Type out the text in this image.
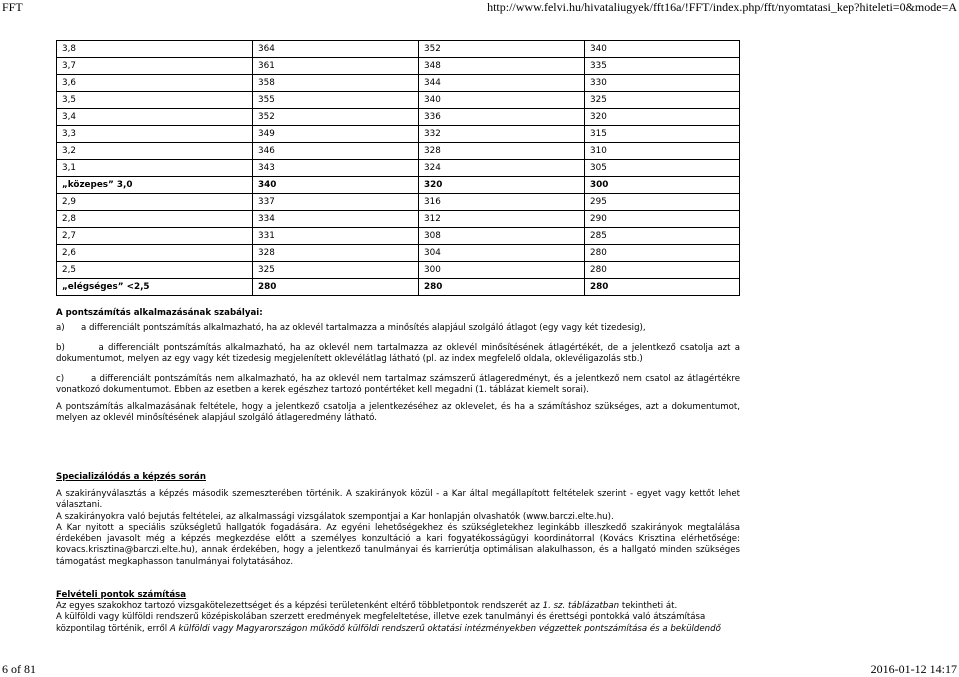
FFT	http://www.felvi.hu/hivataliugyek/fft16a/!FFT/index.php/fft/nyomtatasi_kep?hiteleti=0&mode=A
3,8	364	352	340
3,7	361	348	335
3,6	358	344	330
3,5	355	340	325
3,4	352	336	320
3,3	349	332	315
3,2	346	328	310
3,1	343	324	305
„közepes” 3,0	340	320	300
2,9	337	316	295
2,8	334	312	290
2,7	331	308	285
2,6	328	304	280
2,5	325	300	280
„elégséges” <2,5	280	280	280
A pontszámítás alkalmazásának szabályai:
a) a differenciált pontszámítás alkalmazható, ha az oklevél tartalmazza a minősítés alapjául szolgáló átlagot (egy vagy két tizedesig),
b)	a differenciált pontszámítás alkalmazható, ha az oklevél nem tartalmazza az oklevél minősítésének átlagértékét, de a jelentkező csatolja azt a dokumentumot, melyen az egy vagy két tizedesig megjelenített oklevélátlag látható (pl. az index megfelelő oldala, oklevéligazolás stb.)
c)	a differenciált pontszámítás nem alkalmazható, ha az oklevél nem tartalmaz számszerű átlageredményt, és a jelentkező nem csatol az átlagértékre vonatkozó dokumentumot. Ebben az esetben a kerek egészhez tartozó pontértéket kell megadni (1. táblázat kiemelt sorai).
A pontszámítás alkalmazásának feltétele, hogy a jelentkező csatolja a jelentkezéséhez az oklevelet, és ha a számításhoz szükséges, azt a dokumentumot, melyen az oklevél minősítésének alapjául szolgáló átlageredmény látható.
Specializálódás a képzés során
A szakirányválasztás a képzés második szemeszterében történik. A szakirányok közül - a Kar által megállapított feltételek szerint - egyet vagy kettőt lehet választani.
A szakirányokra való bejutás feltételei, az alkalmassági vizsgálatok szempontjai a Kar honlapján olvashatók (www.barczi.elte.hu).
A Kar nyitott a speciális szükségletű hallgatók fogadására. Az egyéni lehetőségekhez és szükségletekhez leginkább illeszkedő szakirányok megtalálása érdekében javasolt még a képzés megkezdése előtt a személyes konzultáció a kari fogyatékosságügyi koordinátorral (Kovács Krisztina elérhetősége: kovacs.krisztina@barczi.elte.hu), annak érdekében, hogy a jelentkező tanulmányai és karrierútja optimálisan alakulhasson, és a hallgató minden szükséges támogatást megkaphasson tanulmányai folytatásához.
Felvételi pontok számítása
Az egyes szakokhoz tartozó vizsgakötelezettséget és a képzési területenként eltérő többletpontok rendszerét az 1. sz. táblázatban tekintheti át.
A külföldi vagy külföldi rendszerű középiskolában szerzett eredmények megfeleltetése, illetve ezek tanulmányi és érettségi pontokká való átszámítása
központilag történik, erről A külföldi vagy Magyarországon működő külföldi rendszerű oktatási intézményekben végzettek pontszámítása és a beküldendő
6 of 81	2016-01-12 14:17
